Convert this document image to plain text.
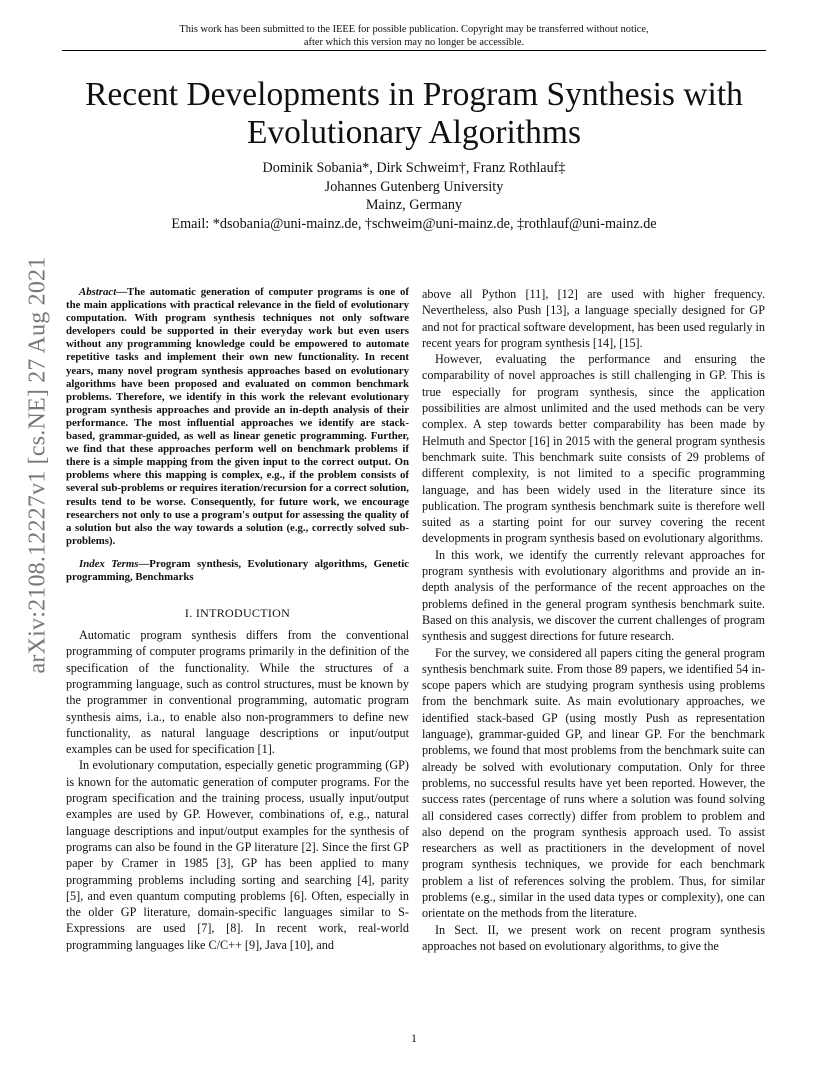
This work has been submitted to the IEEE for possible publication. Copyright may be transferred without notice,
after which this version may no longer be accessible.
Recent Developments in Program Synthesis with
Evolutionary Algorithms
Dominik Sobania*, Dirk Schweim†, Franz Rothlauf‡
Johannes Gutenberg University
Mainz, Germany
Email: *dsobania@uni-mainz.de, †schweim@uni-mainz.de, ‡rothlauf@uni-mainz.de
arXiv:2108.12227v1 [cs.NE] 27 Aug 2021	Abstract—The automatic generation of computer programs is one of the main applications with practical relevance in the field of evolutionary computation. With program synthesis techniques not only software developers could be supported in their everyday work but even users without any programming knowledge could be empowered to automate repetitive tasks and implement their own new functionality. In recent years, many novel program synthesis approaches based on evolutionary algorithms have been proposed and evaluated on common benchmark problems. Therefore, we identify in this work the relevant evolutionary program synthesis approaches and provide an in-depth analysis of their performance. The most influential approaches we identify are stack-based, grammar-guided, as well as linear genetic programming. Further, we find that these approaches perform well on benchmark problems if there is a simple mapping from the given input to the correct output. On problems where this mapping is complex, e.g., if the problem consists of several sub-problems or requires iteration/recursion for a correct solution, results tend to be worse. Consequently, for future work, we encourage researchers not only to use a program's output for assessing the quality of a solution but also the way towards a solution (e.g., correctly solved sub-problems).

Index Terms—Program synthesis, Evolutionary algorithms, Genetic programming, Benchmarks

I. INTRODUCTION

Automatic program synthesis differs from the conventional programming of computer programs primarily in the definition of the specification of the functionality. While the structures of a programming language, such as control structures, must be known by the programmer in conventional programming, automatic program synthesis aims, i.a., to enable also non-programmers to define new functionality, as natural language descriptions or input/output examples can be used for specification [1].

In evolutionary computation, especially genetic programming (GP) is known for the automatic generation of computer programs. For the program specification and the training process, usually input/output examples are used by GP. However, combinations of, e.g., natural language descriptions and input/output examples for the synthesis of programs can also be found in the GP literature [2]. Since the first GP paper by Cramer in 1985 [3], GP has been applied to many programming problems including sorting and searching [4], parity [5], and even quantum computing problems [6]. Often, especially in the older GP literature, domain-specific languages similar to S-Expressions are used [7], [8]. In recent work, real-world programming languages like C/C++ [9], Java [10], and

above all Python [11], [12] are used with higher frequency. Nevertheless, also Push [13], a language specially designed for GP and not for practical software development, has been used regularly in recent years for program synthesis [14], [15].

However, evaluating the performance and ensuring the comparability of novel approaches is still challenging in GP. This is true especially for program synthesis, since the application possibilities are almost unlimited and the used methods can be very complex. A step towards better comparability has been made by Helmuth and Spector [16] in 2015 with the general program synthesis benchmark suite. This benchmark suite consists of 29 problems of different complexity, is not limited to a specific programming language, and has been widely used in the literature since its publication. The program synthesis benchmark suite is therefore well suited as a starting point for our survey covering the recent developments in program synthesis based on evolutionary algorithms.

In this work, we identify the currently relevant approaches for program synthesis with evolutionary algorithms and provide an in-depth analysis of the performance of the recent approaches on the problems defined in the general program synthesis benchmark suite. Based on this analysis, we discover the current challenges of program synthesis and suggest directions for future research.

For the survey, we considered all papers citing the general program synthesis benchmark suite. From those 89 papers, we identified 54 in-scope papers which are studying program synthesis using problems from the benchmark suite. As main evolutionary approaches, we identified stack-based GP (using mostly Push as representation language), grammar-guided GP, and linear GP. For the benchmark problems, we found that most problems from the benchmark suite can already be solved with evolutionary computation. Only for three problems, no successful results have yet been reported. However, the success rates (percentage of runs where a solution was found solving all considered cases correctly) differ from problem to problem and also depend on the program synthesis approach used. To assist researchers as well as practitioners in the development of novel program synthesis techniques, we provide for each benchmark problem a list of references solving the problem. Thus, for similar problems (e.g., similar in the used data types or complexity), one can orientate on the methods from the literature.

In Sect. II, we present work on recent program synthesis approaches not based on evolutionary algorithms, to give the

1
